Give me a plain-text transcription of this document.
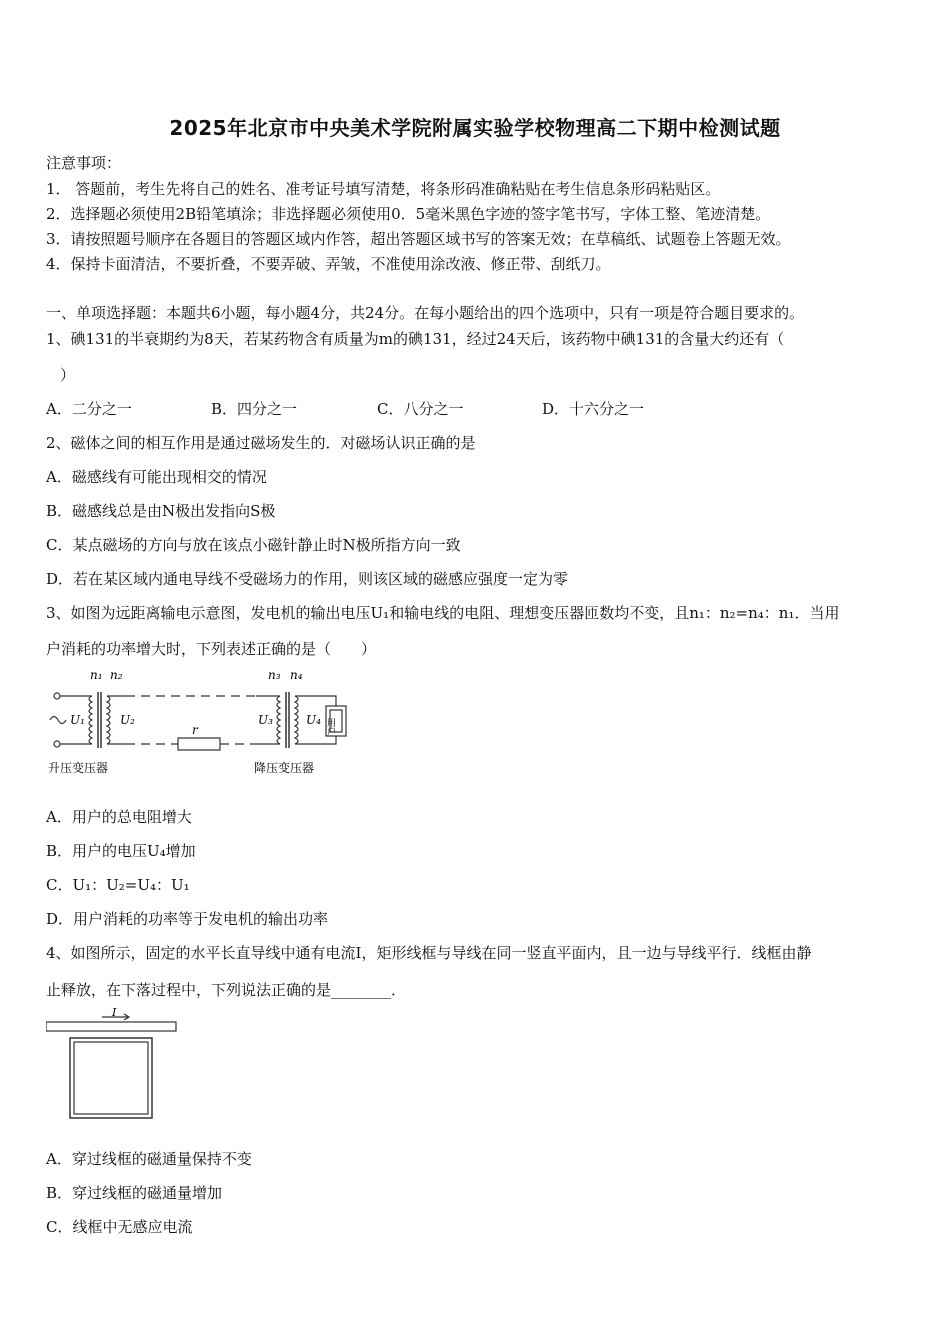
2025年北京市中央美术学院附属实验学校物理高二下期中检测试题
注意事项：
1． 答题前，考生先将自己的姓名、准考证号填写清楚，将条形码准确粘贴在考生信息条形码粘贴区。
2．选择题必须使用2B铅笔填涂；非选择题必须使用0．5毫米黑色字迹的签字笔书写，字体工整、笔迹清楚。
3．请按照题号顺序在各题目的答题区域内作答，超出答题区域书写的答案无效；在草稿纸、试题卷上答题无效。
4．保持卡面清洁，不要折叠，不要弄破、弄皱，不准使用涂改液、修正带、刮纸刀。
一、单项选择题：本题共6小题，每小题4分，共24分。在每小题给出的四个选项中，只有一项是符合题目要求的。
1、碘131的半衰期约为8天，若某药物含有质量为m的碘131，经过24天后，该药物中碘131的含量大约还有（
）
A．二分之一	B．四分之一	C．八分之一	D．十六分之一
2、磁体之间的相互作用是通过磁场发生的．对磁场认识正确的是
A．磁感线有可能出现相交的情况
B．磁感线总是由N极出发指向S极
C．某点磁场的方向与放在该点小磁针静止时N极所指方向一致
D．若在某区域内通电导线不受磁场力的作用，则该区域的磁感应强度一定为零
3、如图为远距离输电示意图，发电机的输出电压U₁和输电线的电阻、理想变压器匝数均不变，且n₁：n₂=n₄：n₁．当用
户消耗的功率增大时，下列表述正确的是（　　）
n₁ n₂	n₃ n₄
U₁	U₂
r
U₃	U₄ 用户
升压变压器	降压变压器
A．用户的总电阻增大
B．用户的电压U₄增加
C．U₁：U₂=U₄：U₁
D．用户消耗的功率等于发电机的输出功率
4、如图所示，固定的水平长直导线中通有电流I，矩形线框与导线在同一竖直平面内，且一边与导线平行．线框由静
止释放，在下落过程中，下列说法正确的是________．
I
A．穿过线框的磁通量保持不变
B．穿过线框的磁通量增加
C．线框中无感应电流
